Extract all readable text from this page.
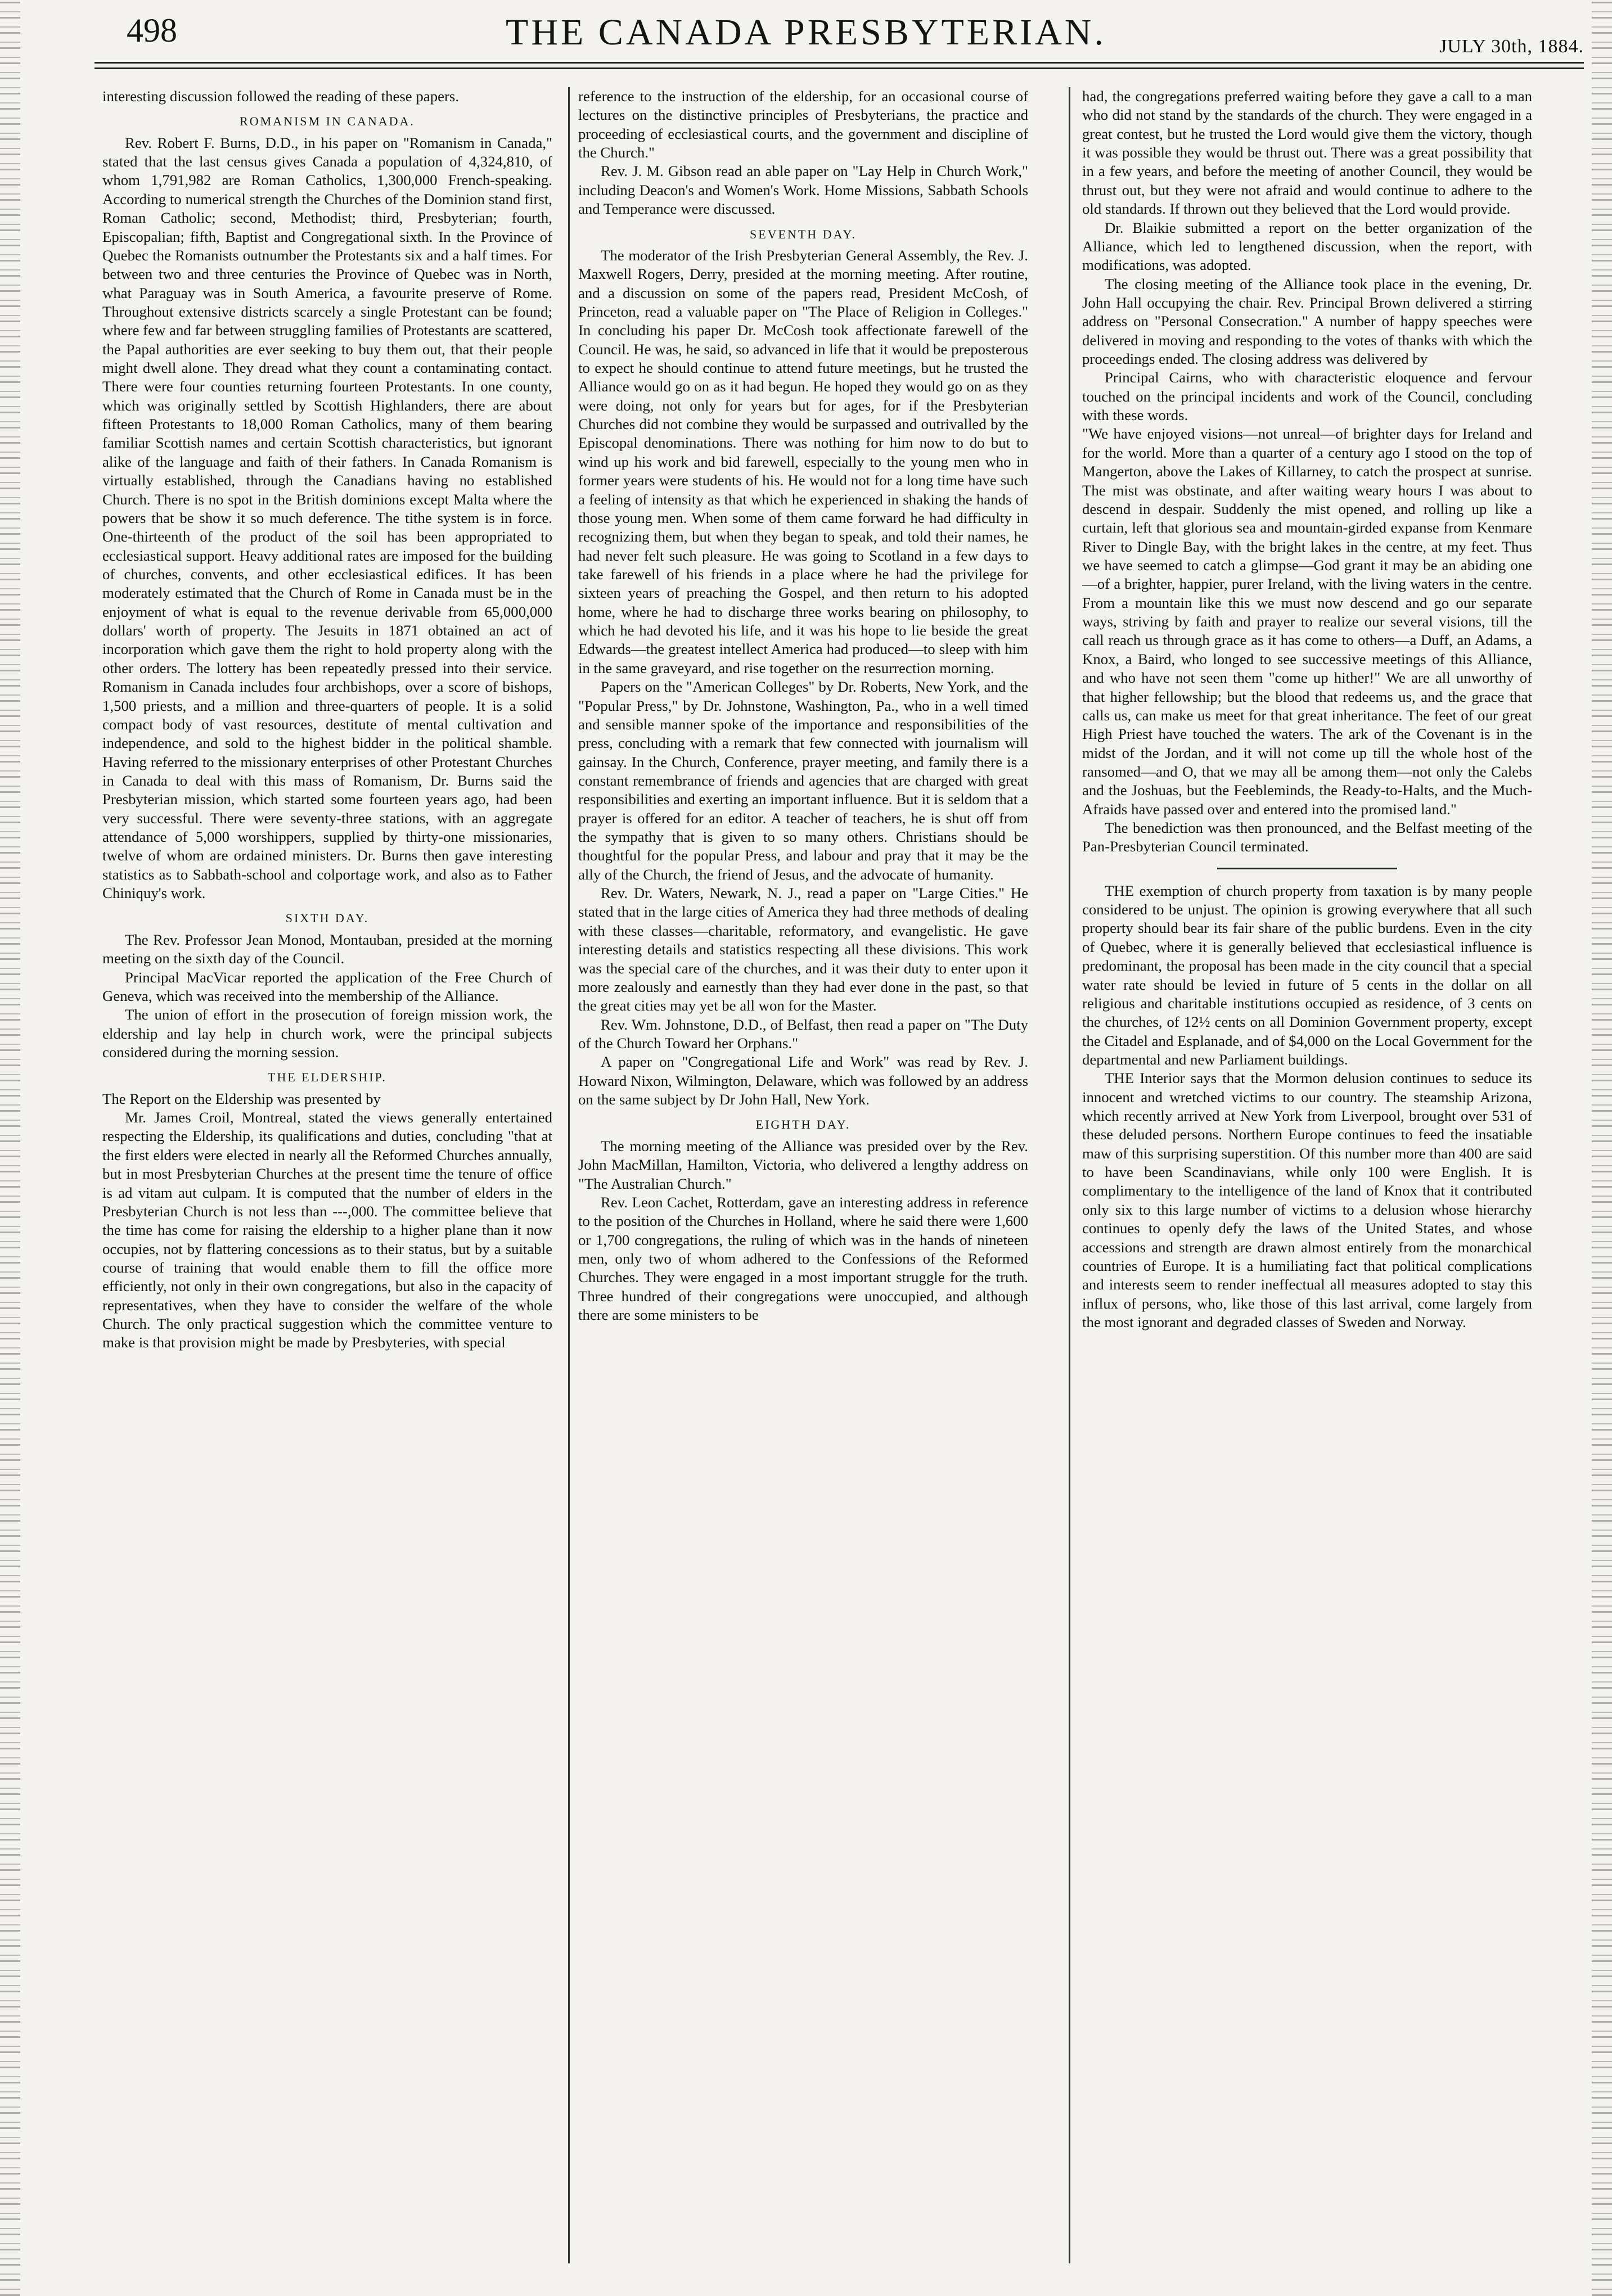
498	THE CANADA PRESBYTERIAN.	JULY 30th, 1884.

interesting discussion followed the reading of these papers.

ROMANISM IN CANADA.

Rev. Robert F. Burns, D.D., in his paper on "Romanism in Canada," stated that the last census gives Canada a population of 4,324,810, of whom 1,791,982 are Roman Catholics, 1,300,000 French-speaking. According to numerical strength the Churches of the Dominion stand first, Roman Catholic; second, Methodist; third, Presbyterian; fourth, Episcopalian; fifth, Baptist and Congregational sixth. In the Province of Quebec the Romanists outnumber the Protestants six and a half times. For between two and three centuries the Province of Quebec was in North, what Paraguay was in South America, a favourite preserve of Rome. Throughout extensive districts scarcely a single Protestant can be found; where few and far between struggling families of Protestants are scattered, the Papal authorities are ever seeking to buy them out, that their people might dwell alone. They dread what they count a contaminating contact. There were four counties returning fourteen Protestants. In one county, which was originally settled by Scottish Highlanders, there are about fifteen Protestants to 18,000 Roman Catholics, many of them bearing familiar Scottish names and certain Scottish characteristics, but ignorant alike of the language and faith of their fathers. In Canada Romanism is virtually established, through the Canadians having no established Church. There is no spot in the British dominions except Malta where the powers that be show it so much deference. The tithe system is in force. One-thirteenth of the product of the soil has been appropriated to ecclesiastical support. Heavy additional rates are imposed for the building of churches, convents, and other ecclesiastical edifices. It has been moderately estimated that the Church of Rome in Canada must be in the enjoyment of what is equal to the revenue derivable from 65,000,000 dollars' worth of property. The Jesuits in 1871 obtained an act of incorporation which gave them the right to hold property along with the other orders. The lottery has been repeatedly pressed into their service. Romanism in Canada includes four archbishops, over a score of bishops, 1,500 priests, and a million and three-quarters of people. It is a solid compact body of vast resources, destitute of mental cultivation and independence, and sold to the highest bidder in the political shamble. Having referred to the missionary enterprises of other Protestant Churches in Canada to deal with this mass of Romanism, Dr. Burns said the Presbyterian mission, which started some fourteen years ago, had been very successful. There were seventy-three stations, with an aggregate attendance of 5,000 worshippers, supplied by thirty-one missionaries, twelve of whom are ordained ministers. Dr. Burns then gave interesting statistics as to Sabbath-school and colportage work, and also as to Father Chiniquy's work.

SIXTH DAY.

The Rev. Professor Jean Monod, Montauban, presided at the morning meeting on the sixth day of the Council.

Principal MacVicar reported the application of the Free Church of Geneva, which was received into the membership of the Alliance.

The union of effort in the prosecution of foreign mission work, the eldership and lay help in church work, were the principal subjects considered during the morning session.

THE ELDERSHIP.

The Report on the Eldership was presented by

Mr. James Croil, Montreal, stated the views generally entertained respecting the Eldership, its qualifications and duties, concluding "that at the first elders were elected in nearly all the Reformed Churches annually, but in most Presbyterian Churches at the present time the tenure of office is ad vitam aut culpam. It is computed that the number of elders in the Presbyterian Church is not less than ---,000. The committee believe that the time has come for raising the eldership to a higher plane than it now occupies, not by flattering concessions as to their status, but by a suitable course of training that would enable them to fill the office more efficiently, not only in their own congregations, but also in the capacity of representatives, when they have to consider the welfare of the whole Church. The only practical suggestion which the committee venture to make is that provision might be made by Presbyteries, with special

reference to the instruction of the eldership, for an occasional course of lectures on the distinctive principles of Presbyterians, the practice and proceeding of ecclesiastical courts, and the government and discipline of the Church."

Rev. J. M. Gibson read an able paper on "Lay Help in Church Work," including Deacon's and Women's Work. Home Missions, Sabbath Schools and Temperance were discussed.

SEVENTH DAY.

The moderator of the Irish Presbyterian General Assembly, the Rev. J. Maxwell Rogers, Derry, presided at the morning meeting. After routine, and a discussion on some of the papers read, President McCosh, of Princeton, read a valuable paper on "The Place of Religion in Colleges." In concluding his paper Dr. McCosh took affectionate farewell of the Council. He was, he said, so advanced in life that it would be preposterous to expect he should continue to attend future meetings, but he trusted the Alliance would go on as it had begun. He hoped they would go on as they were doing, not only for years but for ages, for if the Presbyterian Churches did not combine they would be surpassed and outrivalled by the Episcopal denominations. There was nothing for him now to do but to wind up his work and bid farewell, especially to the young men who in former years were students of his. He would not for a long time have such a feeling of intensity as that which he experienced in shaking the hands of those young men. When some of them came forward he had difficulty in recognizing them, but when they began to speak, and told their names, he had never felt such pleasure. He was going to Scotland in a few days to take farewell of his friends in a place where he had the privilege for sixteen years of preaching the Gospel, and then return to his adopted home, where he had to discharge three works bearing on philosophy, to which he had devoted his life, and it was his hope to lie beside the great Edwards—the greatest intellect America had produced—to sleep with him in the same graveyard, and rise together on the resurrection morning.

Papers on the "American Colleges" by Dr. Roberts, New York, and the "Popular Press," by Dr. Johnstone, Washington, Pa., who in a well timed and sensible manner spoke of the importance and responsibilities of the press, concluding with a remark that few connected with journalism will gainsay. In the Church, Conference, prayer meeting, and family there is a constant remembrance of friends and agencies that are charged with great responsibilities and exerting an important influence. But it is seldom that a prayer is offered for an editor. A teacher of teachers, he is shut off from the sympathy that is given to so many others. Christians should be thoughtful for the popular Press, and labour and pray that it may be the ally of the Church, the friend of Jesus, and the advocate of humanity.

Rev. Dr. Waters, Newark, N. J., read a paper on "Large Cities." He stated that in the large cities of America they had three methods of dealing with these classes—charitable, reformatory, and evangelistic. He gave interesting details and statistics respecting all these divisions. This work was the special care of the churches, and it was their duty to enter upon it more zealously and earnestly than they had ever done in the past, so that the great cities may yet be all won for the Master.

Rev. Wm. Johnstone, D.D., of Belfast, then read a paper on "The Duty of the Church Toward her Orphans."

A paper on "Congregational Life and Work" was read by Rev. J. Howard Nixon, Wilmington, Delaware, which was followed by an address on the same subject by Dr John Hall, New York.

EIGHTH DAY.

The morning meeting of the Alliance was presided over by the Rev. John MacMillan, Hamilton, Victoria, who delivered a lengthy address on "The Australian Church."

Rev. Leon Cachet, Rotterdam, gave an interesting address in reference to the position of the Churches in Holland, where he said there were 1,600 or 1,700 congregations, the ruling of which was in the hands of nineteen men, only two of whom adhered to the Confessions of the Reformed Churches. They were engaged in a most important struggle for the truth. Three hundred of their congregations were unoccupied, and although there are some ministers to be

had, the congregations preferred waiting before they gave a call to a man who did not stand by the standards of the church. They were engaged in a great contest, but he trusted the Lord would give them the victory, though it was possible they would be thrust out. There was a great possibility that in a few years, and before the meeting of another Council, they would be thrust out, but they were not afraid and would continue to adhere to the old standards. If thrown out they believed that the Lord would provide.

Dr. Blaikie submitted a report on the better organization of the Alliance, which led to lengthened discussion, when the report, with modifications, was adopted.

The closing meeting of the Alliance took place in the evening, Dr. John Hall occupying the chair. Rev. Principal Brown delivered a stirring address on "Personal Consecration." A number of happy speeches were delivered in moving and responding to the votes of thanks with which the proceedings ended. The closing address was delivered by

Principal Cairns, who with characteristic eloquence and fervour touched on the principal incidents and work of the Council, concluding with these words.

"We have enjoyed visions—not unreal—of brighter days for Ireland and for the world. More than a quarter of a century ago I stood on the top of Mangerton, above the Lakes of Killarney, to catch the prospect at sunrise. The mist was obstinate, and after waiting weary hours I was about to descend in despair. Suddenly the mist opened, and rolling up like a curtain, left that glorious sea and mountain-girded expanse from Kenmare River to Dingle Bay, with the bright lakes in the centre, at my feet. Thus we have seemed to catch a glimpse—God grant it may be an abiding one—of a brighter, happier, purer Ireland, with the living waters in the centre. From a mountain like this we must now descend and go our separate ways, striving by faith and prayer to realize our several visions, till the call reach us through grace as it has come to others—a Duff, an Adams, a Knox, a Baird, who longed to see successive meetings of this Alliance, and who have not seen them "come up hither!" We are all unworthy of that higher fellowship; but the blood that redeems us, and the grace that calls us, can make us meet for that great inheritance. The feet of our great High Priest have touched the waters. The ark of the Covenant is in the midst of the Jordan, and it will not come up till the whole host of the ransomed—and O, that we may all be among them—not only the Calebs and the Joshuas, but the Feebleminds, the Ready-to-Halts, and the Much-Afraids have passed over and entered into the promised land."

The benediction was then pronounced, and the Belfast meeting of the Pan-Presbyterian Council terminated.

THE exemption of church property from taxation is by many people considered to be unjust. The opinion is growing everywhere that all such property should bear its fair share of the public burdens. Even in the city of Quebec, where it is generally believed that ecclesiastical influence is predominant, the proposal has been made in the city council that a special water rate should be levied in future of 5 cents in the dollar on all religious and charitable institutions occupied as residence, of 3 cents on the churches, of 12½ cents on all Dominion Government property, except the Citadel and Esplanade, and of $4,000 on the Local Government for the departmental and new Parliament buildings.

THE Interior says that the Mormon delusion continues to seduce its innocent and wretched victims to our country. The steamship Arizona, which recently arrived at New York from Liverpool, brought over 531 of these deluded persons. Northern Europe continues to feed the insatiable maw of this surprising superstition. Of this number more than 400 are said to have been Scandinavians, while only 100 were English. It is complimentary to the intelligence of the land of Knox that it contributed only six to this large number of victims to a delusion whose hierarchy continues to openly defy the laws of the United States, and whose accessions and strength are drawn almost entirely from the monarchical countries of Europe. It is a humiliating fact that political complications and interests seem to render ineffectual all measures adopted to stay this influx of persons, who, like those of this last arrival, come largely from the most ignorant and degraded classes of Sweden and Norway.
